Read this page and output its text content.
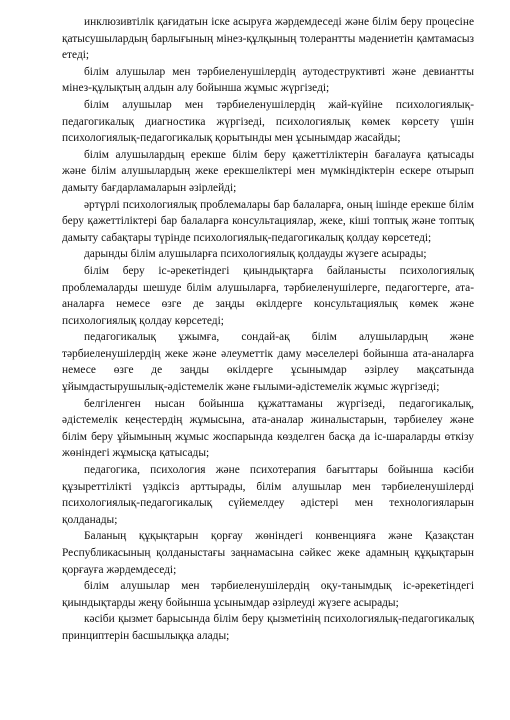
инклюзивтілік қағидатын іске асыруға жәрдемдеседі және білім беру процесіне қатысушылардың барлығының мінез-құлқының толерантты мәдениетін қамтамасыз етеді;

білім алушылар мен тәрбиеленушілердің аутодеструктивті және девиантты мінез-құлықтың алдын алу бойынша жұмыс жүргізеді;

білім алушылар мен тәрбиеленушілердің жай-күйіне психологиялық-педагогикалық диагностика жүргізеді, психологиялық көмек көрсету үшін психологиялық-педагогикалық қорытынды мен ұсынымдар жасайды;

білім алушылардың ерекше білім беру қажеттіліктерін бағалауға қатысады және білім алушылардың жеке ерекшеліктері мен мүмкіндіктерін ескере отырып дамыту бағдарламаларын әзірлейді;

әртүрлі психологиялық проблемалары бар балаларға, оның ішінде ерекше білім беру қажеттіліктері бар балаларға консультациялар, жеке, кіші топтық және топтық дамыту сабақтары түрінде психологиялық-педагогикалық қолдау көрсетеді;

дарынды білім алушыларға психологиялық қолдауды жүзеге асырады;

білім беру іс-әрекетіндегі қиындықтарға байланысты психологиялық проблемаларды шешуде білім алушыларға, тәрбиеленушілерге, педагогтерге, ата-аналарға немесе өзге де заңды өкілдерге консультациялық көмек және психологиялық қолдау көрсетеді;

педагогикалық ұжымға, сондай-ақ білім алушылардың және тәрбиеленушілердің жеке және әлеуметтік даму мәселелері бойынша ата-аналарға немесе өзге де заңды өкілдерге ұсынымдар әзірлеу мақсатында ұйымдастырушылық-әдістемелік және ғылыми-әдістемелік жұмыс жүргізеді;

белгіленген нысан бойынша құжаттаманы жүргізеді, педагогикалық, әдістемелік кеңестердің жұмысына, ата-аналар жиналыстарын, тәрбиелеу және білім беру ұйымының жұмыс жоспарында көзделген басқа да іс-шараларды өткізу жөніндегі жұмысқа қатысады;

педагогика, психология және психотерапия бағыттары бойынша кәсіби құзыреттілікті үздіксіз арттырады, білім алушылар мен тәрбиеленушілерді психологиялық-педагогикалық сүйемелдеу әдістері мен технологияларын қолданады;

Баланың құқықтарын қорғау жөніндегі конвенцияға және Қазақстан Республикасының қолданыстағы заңнамасына сәйкес жеке адамның құқықтарын қорғауға жәрдемдеседі;

білім алушылар мен тәрбиеленушілердің оқу-танымдық іс-әрекетіндегі қиындықтарды жеңу бойынша ұсынымдар әзірлеуді жүзеге асырады;

кәсіби қызмет барысында білім беру қызметінің психологиялық-педагогикалық принциптерін басшылыққа алады;
